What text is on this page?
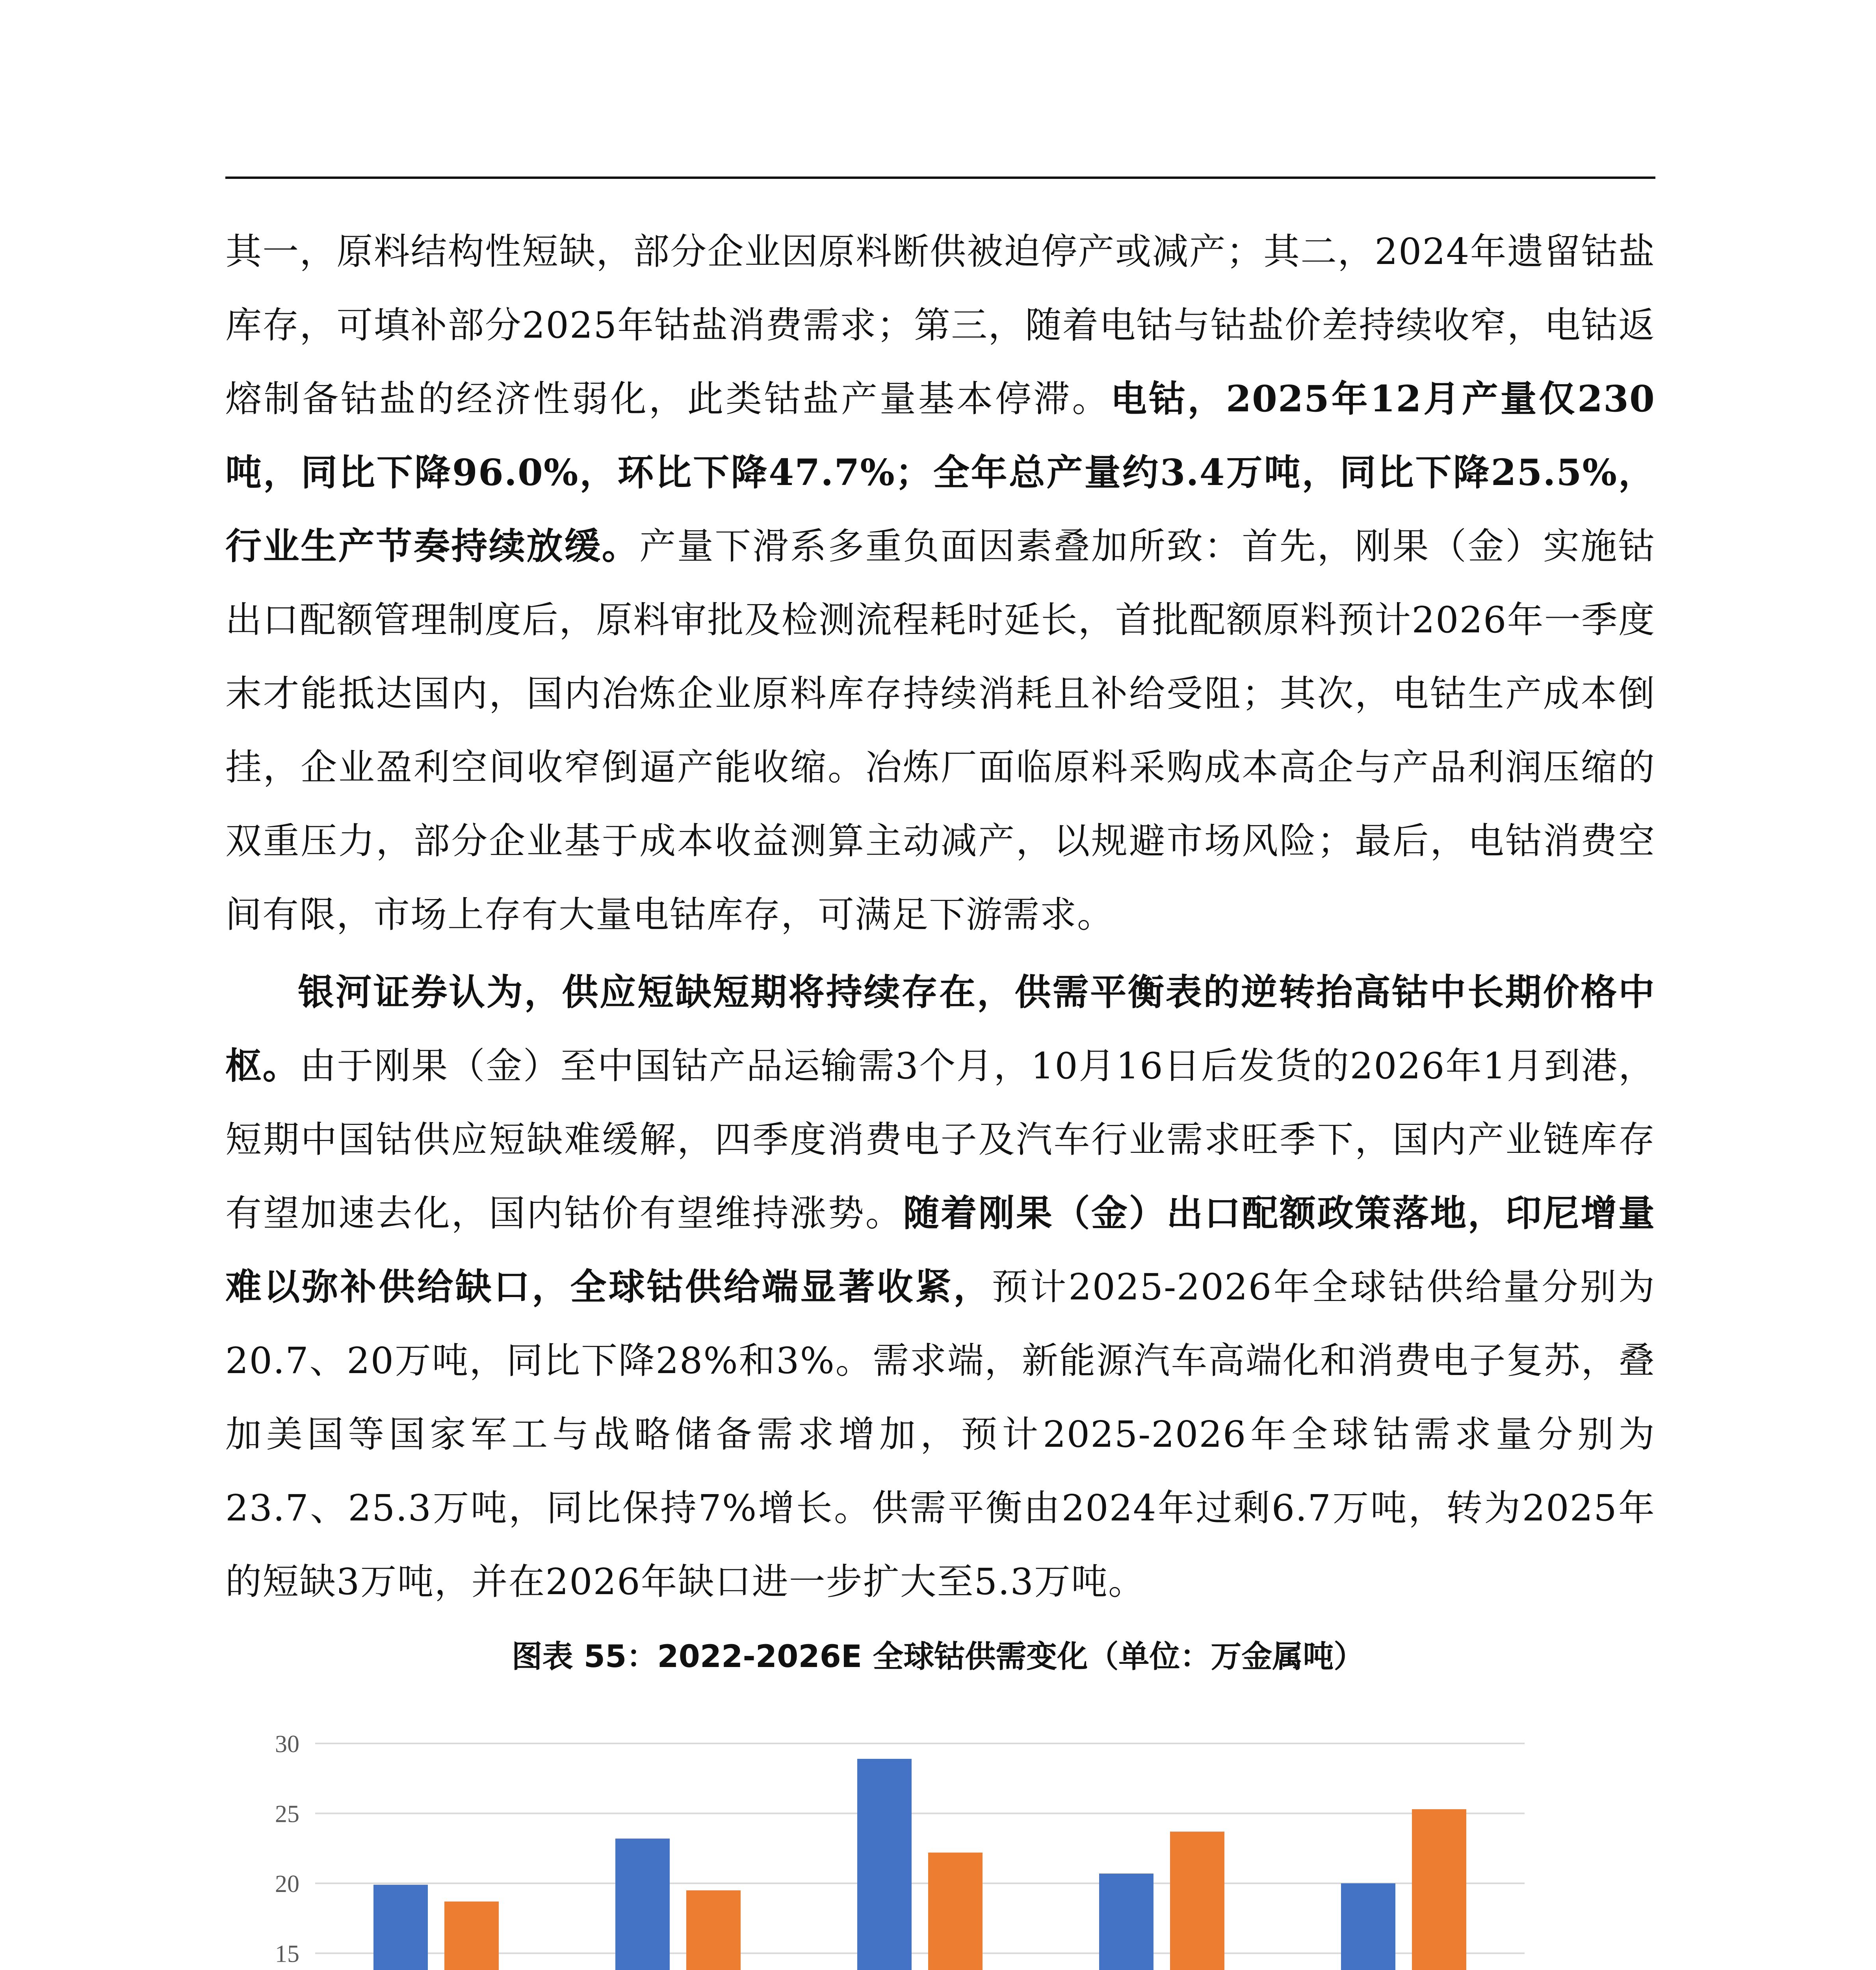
其一，原料结构性短缺，部分企业因原料断供被迫停产或减产；其二，2024年遗留钴盐库存，可填补部分2025年钴盐消费需求；第三，随着电钴与钴盐价差持续收窄，电钴返熔制备钴盐的经济性弱化，此类钴盐产量基本停滞。电钴，2025年12月产量仅230吨，同比下降96.0%，环比下降47.7%；全年总产量约3.4万吨，同比下降25.5%，行业生产节奏持续放缓。产量下滑系多重负面因素叠加所致：首先，刚果（金）实施钴出口配额管理制度后，原料审批及检测流程耗时延长，首批配额原料预计2026年一季度末才能抵达国内，国内冶炼企业原料库存持续消耗且补给受阻；其次，电钴生产成本倒挂，企业盈利空间收窄倒逼产能收缩。冶炼厂面临原料采购成本高企与产品利润压缩的双重压力，部分企业基于成本收益测算主动减产，以规避市场风险；最后，电钴消费空间有限，市场上存有大量电钴库存，可满足下游需求。

银河证券认为，供应短缺短期将持续存在，供需平衡表的逆转抬高钴中长期价格中枢。由于刚果（金）至中国钴产品运输需3个月，10月16日后发货的2026年1月到港，短期中国钴供应短缺难缓解，四季度消费电子及汽车行业需求旺季下，国内产业链库存有望加速去化，国内钴价有望维持涨势。随着刚果（金）出口配额政策落地，印尼增量难以弥补供给缺口，全球钴供给端显著收紧，预计2025-2026年全球钴供给量分别为20.7、20万吨，同比下降28%和3%。需求端，新能源汽车高端化和消费电子复苏，叠加美国等国家军工与战略储备需求增加，预计2025-2026年全球钴需求量分别为23.7、25.3万吨，同比保持7%增长。供需平衡由2024年过剩6.7万吨，转为2025年的短缺3万吨，并在2026年缺口进一步扩大至5.3万吨。

图表 55：2022-2026E 全球钴供需变化（单位：万金属吨）
15
20
25
30
